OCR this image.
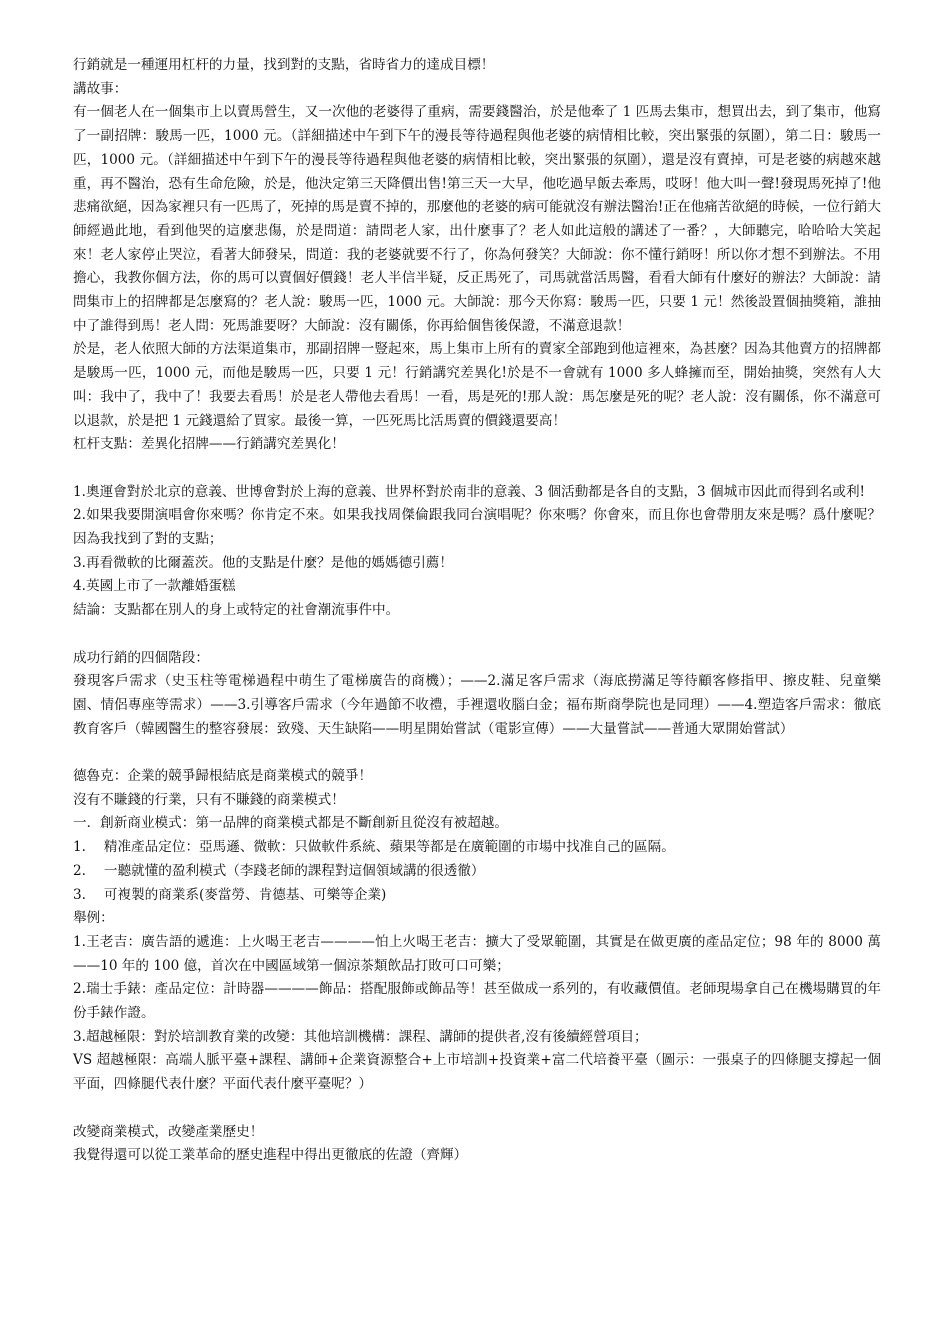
行銷就是一種運用杠杆的力量，找到對的支點，省時省力的達成目標！

講故事：

有一個老人在一個集市上以賣馬營生，又一次他的老婆得了重病，需要錢醫治，於是他牽了 1 匹馬去集市，想買出去，到了集市，他寫了一副招牌：駿馬一匹，1000 元。（詳細描述中午到下午的漫長等待過程與他老婆的病情相比較，突出緊張的氛圍），第二日：駿馬一匹，1000 元。（詳細描述中午到下午的漫長等待過程與他老婆的病情相比較，突出緊張的氛圍），還是沒有賣掉，可是老婆的病越來越重，再不醫治，恐有生命危險，於是，他決定第三天降價出售!第三天一大早，他吃過早飯去牽馬，哎呀！他大叫一聲!發現馬死掉了!他悲痛欲絕，因為家裡只有一匹馬了，死掉的馬是賣不掉的，那麼他的老婆的病可能就沒有辦法醫治!正在他痛苦欲絕的時候，一位行銷大師經過此地，看到他哭的這麼悲傷，於是問道：請問老人家，出什麼事了？老人如此這般的講述了一番？，大師聽完，哈哈哈大笑起來！老人家停止哭泣，看著大師發呆，問道：我的老婆就要不行了，你為何發笑？大師說：你不懂行銷呀！所以你才想不到辦法。不用擔心，我教你個方法，你的馬可以賣個好價錢！老人半信半疑，反正馬死了，司馬就當活馬醫，看看大師有什麼好的辦法？大師說：請問集市上的招牌都是怎麼寫的？老人說：駿馬一匹，1000 元。大師說：那今天你寫：駿馬一匹，只要 1 元！然後設置個抽獎箱，誰抽中了誰得到馬！老人問：死馬誰要呀？大師說：沒有關係，你再給個售後保證，不滿意退款！

於是，老人依照大師的方法渠道集市，那副招牌一豎起來，馬上集市上所有的賣家全部跑到他這裡來，為甚麼？因為其他賣方的招牌都是駿馬一匹，1000 元，而他是駿馬一匹，只要 1 元！行銷講究差異化!於是不一會就有 1000 多人蜂擁而至，開始抽獎，突然有人大叫：我中了，我中了！我要去看馬！於是老人帶他去看馬！一看，馬是死的!那人說：馬怎麼是死的呢？老人說：沒有關係，你不滿意可以退款，於是把 1 元錢還給了買家。最後一算，一匹死馬比活馬賣的價錢還要高！

杠杆支點：差異化招牌——行銷講究差異化！

1.奧運會對於北京的意義、世博會對於上海的意義、世界杯對於南非的意義、3 個活動都是各自的支點，3 個城市因此而得到名或利!

2.如果我要開演唱會你來嗎？你肯定不來。如果我找周傑倫跟我同台演唱呢？你來嗎？你會來，而且你也會帶朋友來是嗎？爲什麼呢？因為我找到了對的支點；

3.再看微軟的比爾蓋茨。他的支點是什麼？是他的媽媽德引薦！

4.英國上市了一款離婚蛋糕

結論：支點都在別人的身上或特定的社會潮流事件中。

成功行銷的四個階段：

發現客戶需求（史玉柱等電梯過程中萌生了電梯廣告的商機）；——2.滿足客戶需求（海底撈滿足等待顧客修指甲、擦皮鞋、兒童樂園、情侶專座等需求）——3.引導客戶需求（今年過節不收禮，手裡還收腦白金；福布斯商學院也是同理）——4.塑造客戶需求：徹底教育客戶（韓國醫生的整容發展：致殘、天生缺陷——明星開始嘗試（電影宣傳）——大量嘗試——普通大眾開始嘗試）

德魯克：企業的競爭歸根結底是商業模式的競爭！

沒有不賺錢的行業，只有不賺錢的商業模式！

一．創新商业模式：第一品牌的商業模式都是不斷創新且從沒有被超越。

1.　 精准產品定位：亞馬遜、微軟：只做軟件系統、蘋果等都是在廣範圍的市場中找准自己的區隔。

2.　 一聽就懂的盈利模式（李踐老師的課程對這個領域講的很透徹）

3.　 可複製的商業系(麥當勞、肯德基、可樂等企業)

舉例：

1.王老吉：廣告語的遞進：上火喝王老吉————怕上火喝王老吉：擴大了受眾範圍，其實是在做更廣的產品定位；98 年的 8000 萬——10 年的 100 億，首次在中國區域第一個涼茶類飲品打敗可口可樂；

2.瑞士手錶：產品定位：計時器————飾品：搭配服飾或飾品等！甚至做成一系列的，有收藏價值。老師現場拿自己在機場購買的年份手錶作證。

3.超越極限：對於培訓教育業的改變：其他培訓機構：課程、講師的提供者,沒有後續經營項目；

VS 超越極限：高端人脈平臺+課程、講師+企業資源整合+上市培訓+投資業+富二代培養平臺（圖示：一張桌子的四條腿支撐起一個平面，四條腿代表什麼？平面代表什麼平臺呢？）

改變商業模式，改變產業歷史！

我覺得還可以從工業革命的歷史進程中得出更徹底的佐證（齊輝）
